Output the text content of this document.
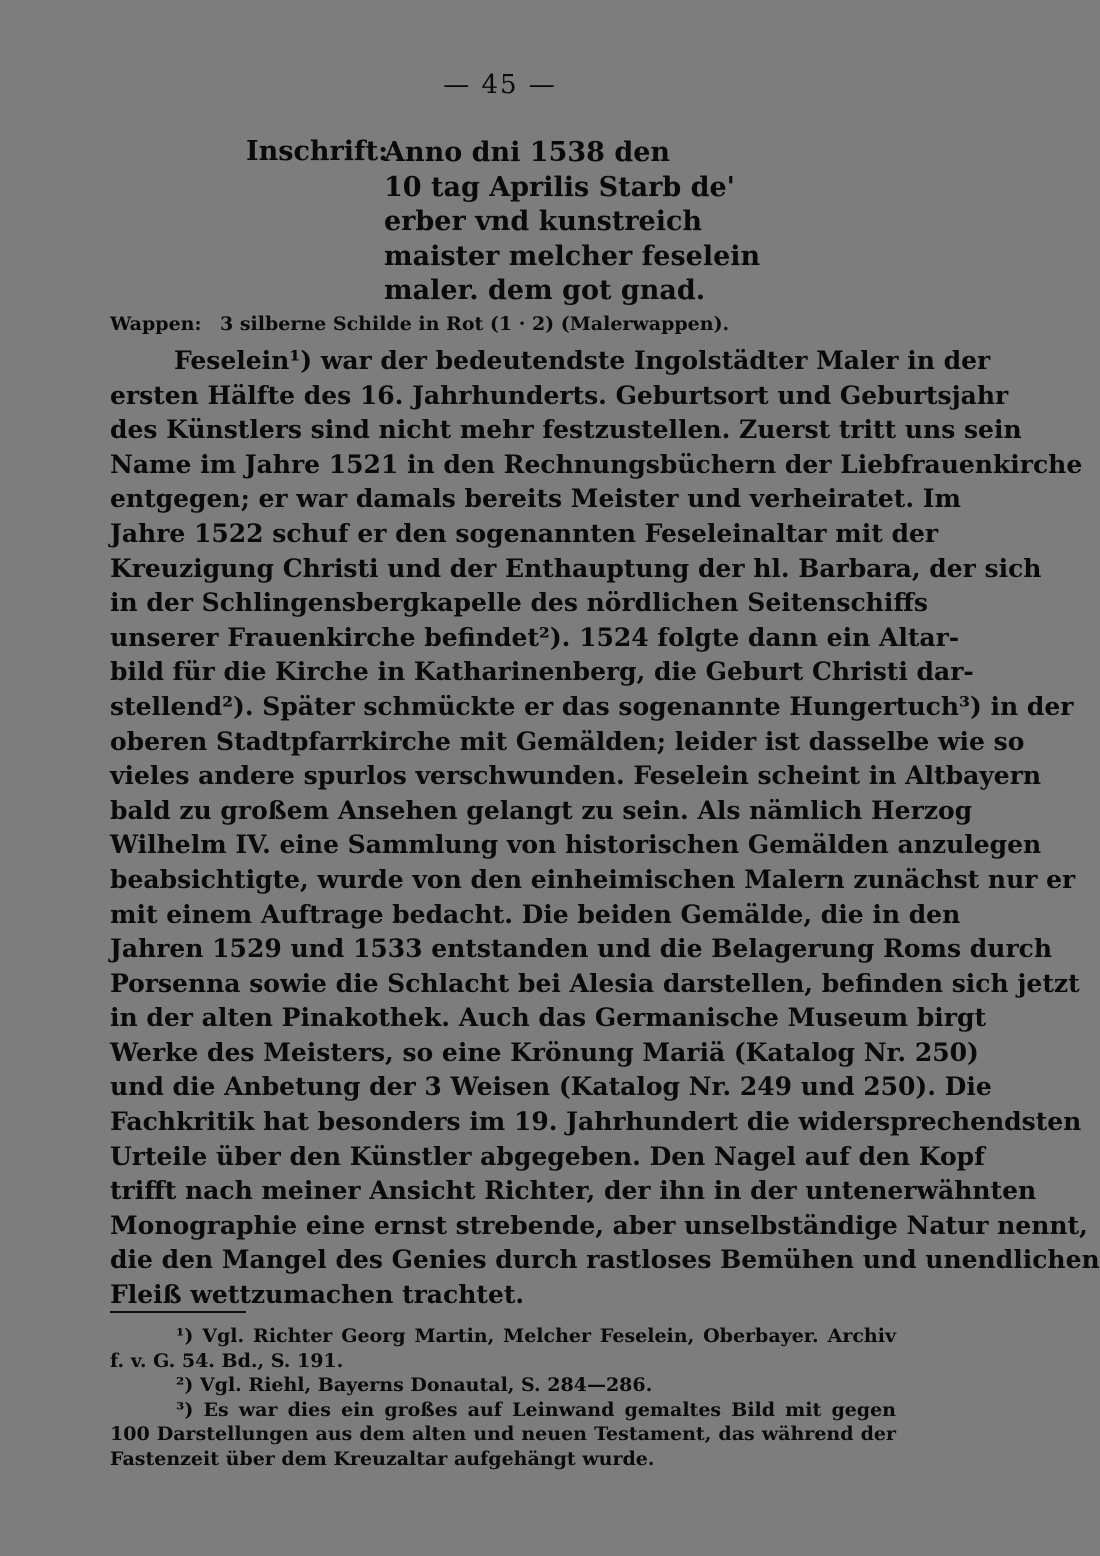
— 45 —
Inschrift:
Anno dni 1538 den
10 tag Aprilis Starb de'
erber vnd kunstreich
maister melcher feselein
maler. dem got gnad.
Wappen: 3 silberne Schilde in Rot (1 · 2) (Malerwappen).
Feselein¹) war der bedeutendste Ingolstädter Maler in der
ersten Hälfte des 16. Jahrhunderts. Geburtsort und Geburtsjahr
des Künstlers sind nicht mehr festzustellen. Zuerst tritt uns sein
Name im Jahre 1521 in den Rechnungsbüchern der Liebfrauenkirche
entgegen; er war damals bereits Meister und verheiratet. Im
Jahre 1522 schuf er den sogenannten Feseleinaltar mit der
Kreuzigung Christi und der Enthauptung der hl. Barbara, der sich
in der Schlingensbergkapelle des nördlichen Seitenschiffs
unserer Frauenkirche befindet²). 1524 folgte dann ein Altar-
bild für die Kirche in Katharinenberg, die Geburt Christi dar-
stellend²). Später schmückte er das sogenannte Hungertuch³) in der
oberen Stadtpfarrkirche mit Gemälden; leider ist dasselbe wie so
vieles andere spurlos verschwunden. Feselein scheint in Altbayern
bald zu großem Ansehen gelangt zu sein. Als nämlich Herzog
Wilhelm IV. eine Sammlung von historischen Gemälden anzulegen
beabsichtigte, wurde von den einheimischen Malern zunächst nur er
mit einem Auftrage bedacht. Die beiden Gemälde, die in den
Jahren 1529 und 1533 entstanden und die Belagerung Roms durch
Porsenna sowie die Schlacht bei Alesia darstellen, befinden sich jetzt
in der alten Pinakothek. Auch das Germanische Museum birgt
Werke des Meisters, so eine Krönung Mariä (Katalog Nr. 250)
und die Anbetung der 3 Weisen (Katalog Nr. 249 und 250). Die
Fachkritik hat besonders im 19. Jahrhundert die widersprechendsten
Urteile über den Künstler abgegeben. Den Nagel auf den Kopf
trifft nach meiner Ansicht Richter, der ihn in der untenerwähnten
Monographie eine ernst strebende, aber unselbständige Natur nennt,
die den Mangel des Genies durch rastloses Bemühen und unendlichen
Fleiß wettzumachen trachtet.
¹) Vgl. Richter Georg Martin, Melcher Feselein, Oberbayer. Archiv
f. v. G. 54. Bd., S. 191.
²) Vgl. Riehl, Bayerns Donautal, S. 284—286.
³) Es war dies ein großes auf Leinwand gemaltes Bild mit gegen
100 Darstellungen aus dem alten und neuen Testament, das während der
Fastenzeit über dem Kreuzaltar aufgehängt wurde.
